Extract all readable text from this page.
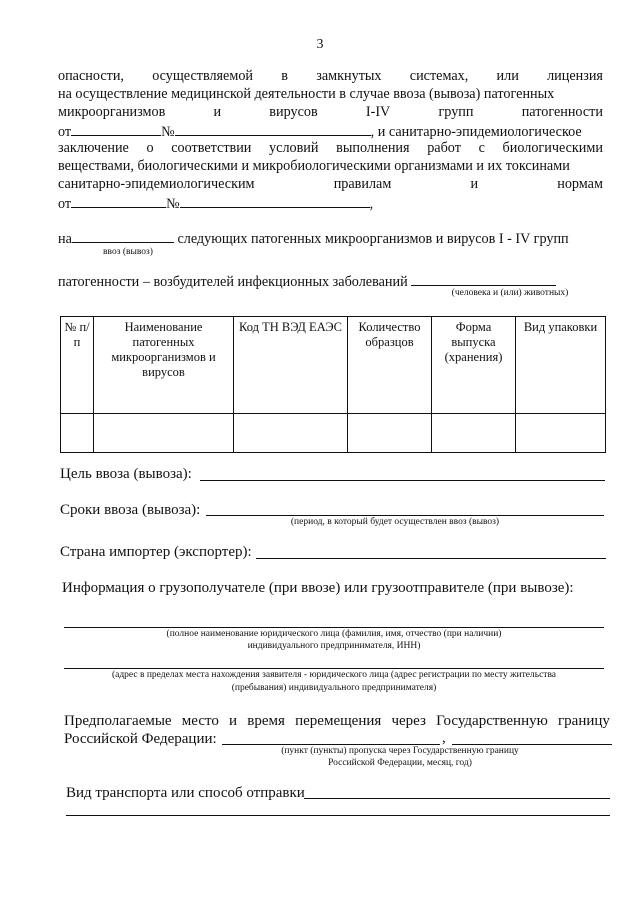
3
опасности, осуществляемой в замкнутых системах, или лицензия
на осуществление медицинской деятельности в случае ввоза (вывоза) патогенных
микроорганизмов	и	вирусов	I-IV	групп	патогенности
от	№	, и санитарно-эпидемиологическое
заключение о соответствии условий выполнения работ с биологическими
веществами, биологическими и микробиологическими организмами и их токсинами
санитарно-эпидемиологическим	правилам	и	нормам
от	№	,
на	следующих патогенных микроорганизмов и вирусов I - IV групп
ввоз (вывоз)
патогенности – возбудителей инфекционных заболеваний
(человека и (или) животных)
№ п/п	Наименование патогенных микроорганизмов и вирусов	Код ТН ВЭД ЕАЭС	Количество образцов	Форма выпуска (хранения)	Вид упаковки

Цель ввоза (вывоза):
Сроки ввоза (вывоза):
(период, в который будет осуществлен ввоз (вывоз)
Страна импортер (экспортер):
Информация о грузополучателе (при ввозе) или грузоотправителе (при вывозе):
(полное наименование юридического лица (фамилия, имя, отчество (при наличии)
индивидуального предпринимателя, ИНН)
(адрес в пределах места нахождения заявителя - юридического лица (адрес регистрации по месту жительства
(пребывания) индивидуального предпринимателя)
Предполагаемые место и время перемещения через Государственную границу
Российской Федерации:	,
(пункт (пункты) пропуска через Государственную границу
Российской Федерации, месяц, год)
Вид транспорта или способ отправки
